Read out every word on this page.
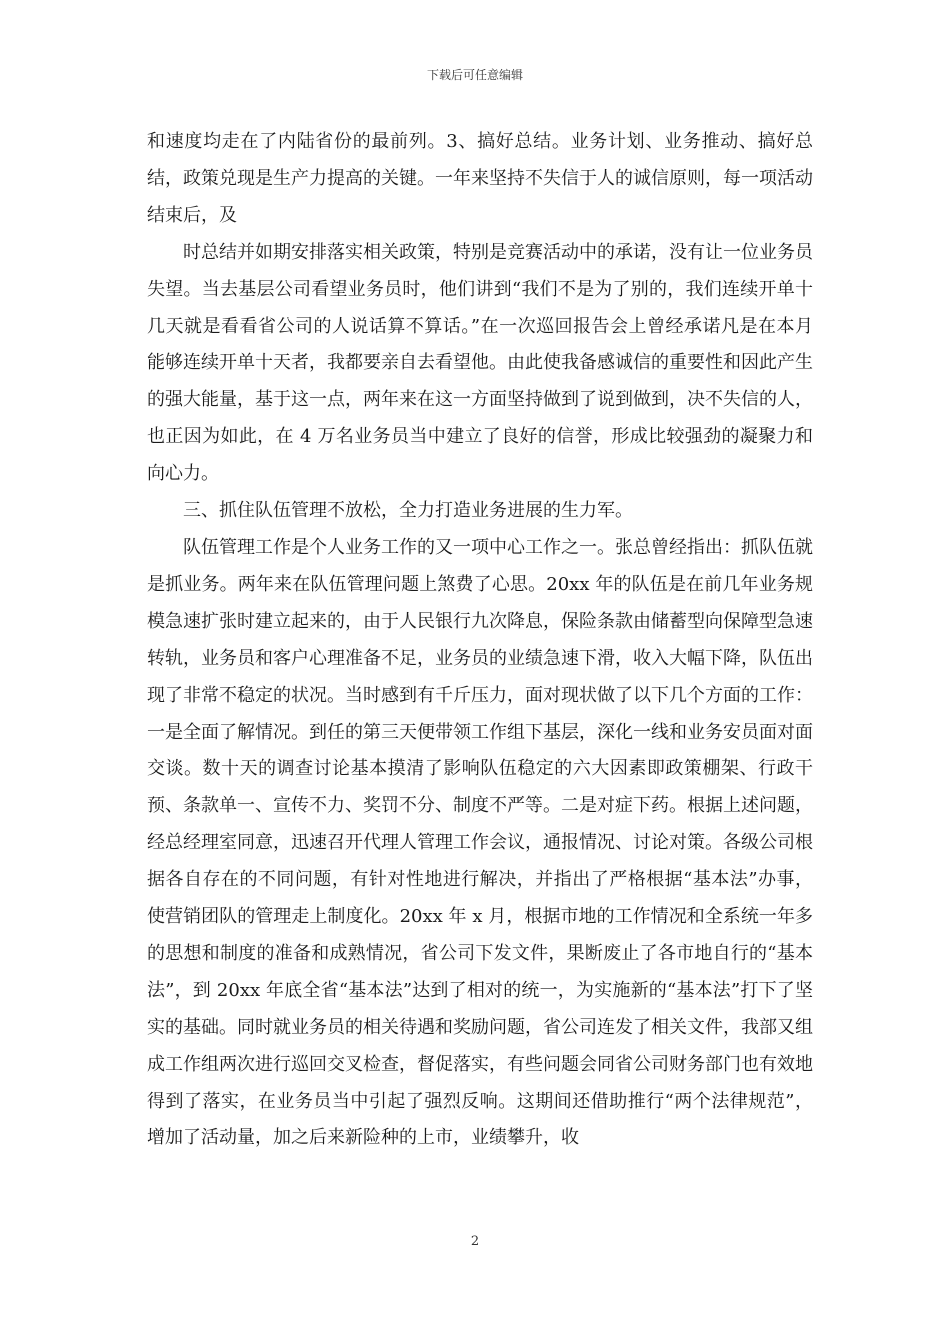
下载后可任意编辑

和速度均走在了内陆省份的最前列。3、搞好总结。业务计划、业务推动、搞好总结，政策兑现是生产力提高的关键。一年来坚持不失信于人的诚信原则，每一项活动结束后，及

时总结并如期安排落实相关政策，特别是竞赛活动中的承诺，没有让一位业务员失望。当去基层公司看望业务员时，他们讲到“我们不是为了别的，我们连续开单十几天就是看看省公司的人说话算不算话。”在一次巡回报告会上曾经承诺凡是在本月能够连续开单十天者，我都要亲自去看望他。由此使我备感诚信的重要性和因此产生的强大能量，基于这一点，两年来在这一方面坚持做到了说到做到，决不失信的人，也正因为如此，在 4 万名业务员当中建立了良好的信誉，形成比较强劲的凝聚力和向心力。

三、抓住队伍管理不放松，全力打造业务进展的生力军。

队伍管理工作是个人业务工作的又一项中心工作之一。张总曾经指出：抓队伍就是抓业务。两年来在队伍管理问题上煞费了心思。20xx 年的队伍是在前几年业务规模急速扩张时建立起来的，由于人民银行九次降息，保险条款由储蓄型向保障型急速转轨，业务员和客户心理准备不足，业务员的业绩急速下滑，收入大幅下降，队伍出现了非常不稳定的状况。当时感到有千斤压力，面对现状做了以下几个方面的工作：一是全面了解情况。到任的第三天便带领工作组下基层，深化一线和业务安员面对面交谈。数十天的调查讨论基本摸清了影响队伍稳定的六大因素即政策棚架、行政干预、条款单一、宣传不力、奖罚不分、制度不严等。二是对症下药。根据上述问题，经总经理室同意，迅速召开代理人管理工作会议，通报情况、讨论对策。各级公司根据各自存在的不同问题，有针对性地进行解决，并指出了严格根据“基本法”办事，使营销团队的管理走上制度化。20xx 年 x 月，根据市地的工作情况和全系统一年多的思想和制度的准备和成熟情况，省公司下发文件，果断废止了各市地自行的“基本法”，到 20xx 年底全省“基本法”达到了相对的统一，为实施新的“基本法”打下了坚实的基础。同时就业务员的相关待遇和奖励问题，省公司连发了相关文件，我部又组成工作组两次进行巡回交叉检查，督促落实，有些问题会同省公司财务部门也有效地得到了落实，在业务员当中引起了强烈反响。这期间还借助推行“两个法律规范”，增加了活动量，加之后来新险种的上市，业绩攀升，收

2
